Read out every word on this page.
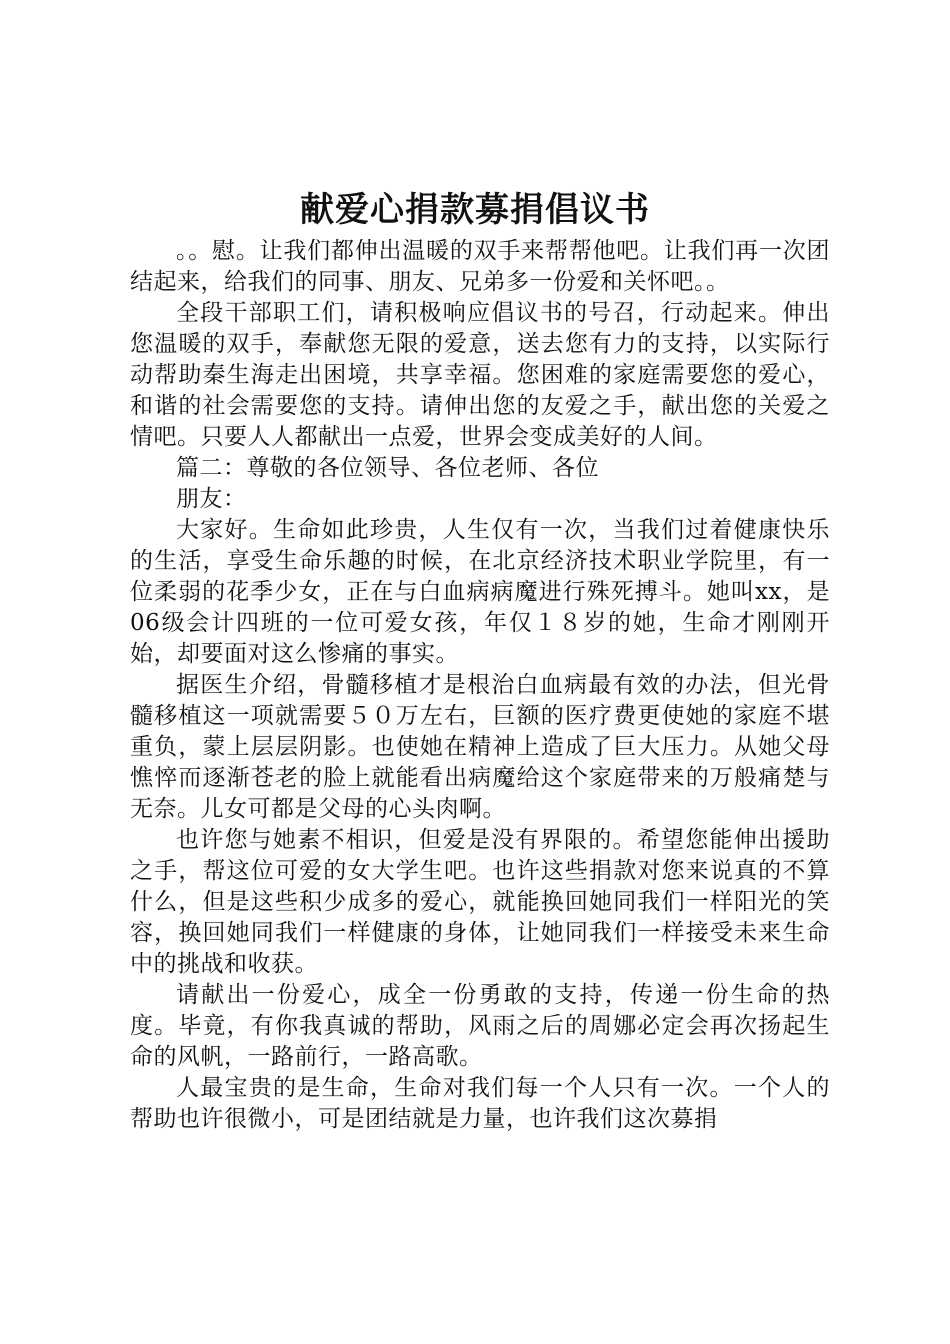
献爱心捐款募捐倡议书

。。慰。让我们都伸出温暖的双手来帮帮他吧。让我们再一次团结起来，给我们的同事、朋友、兄弟多一份爱和关怀吧。。

全段干部职工们，请积极响应倡议书的号召，行动起来。伸出您温暖的双手，奉献您无限的爱意，送去您有力的支持，以实际行动帮助秦生海走出困境，共享幸福。您困难的家庭需要您的爱心，和谐的社会需要您的支持。请伸出您的友爱之手，献出您的关爱之情吧。只要人人都献出一点爱，世界会变成美好的人间。

篇二：尊敬的各位领导、各位老师、各位

朋友：

大家好。生命如此珍贵，人生仅有一次，当我们过着健康快乐的生活，享受生命乐趣的时候，在北京经济技术职业学院里，有一位柔弱的花季少女，正在与白血病病魔进行殊死搏斗。她叫xx，是06级会计四班的一位可爱女孩，年仅１８岁的她，生命才刚刚开始，却要面对这么惨痛的事实。

据医生介绍，骨髓移植才是根治白血病最有效的办法，但光骨髓移植这一项就需要５０万左右，巨额的医疗费更使她的家庭不堪重负，蒙上层层阴影。也使她在精神上造成了巨大压力。从她父母憔悴而逐渐苍老的脸上就能看出病魔给这个家庭带来的万般痛楚与无奈。儿女可都是父母的心头肉啊。

也许您与她素不相识，但爱是没有界限的。希望您能伸出援助之手，帮这位可爱的女大学生吧。也许这些捐款对您来说真的不算什么，但是这些积少成多的爱心，就能换回她同我们一样阳光的笑容，换回她同我们一样健康的身体，让她同我们一样接受未来生命中的挑战和收获。

请献出一份爱心，成全一份勇敢的支持，传递一份生命的热度。毕竟，有你我真诚的帮助，风雨之后的周娜必定会再次扬起生命的风帆，一路前行，一路高歌。

人最宝贵的是生命，生命对我们每一个人只有一次。一个人的帮助也许很微小，可是团结就是力量，也许我们这次募捐
